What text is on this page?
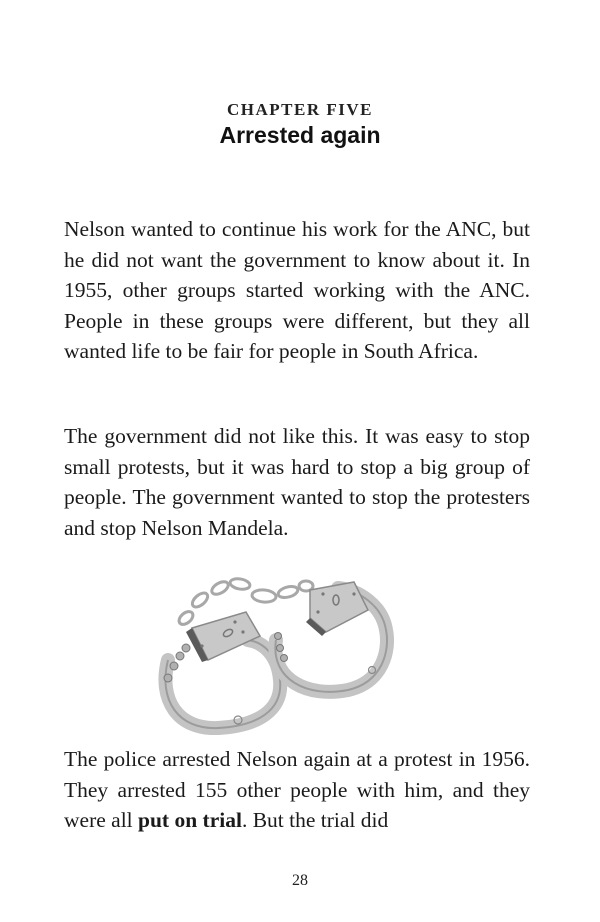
CHAPTER FIVE
Arrested again

Nelson wanted to continue his work for the ANC, but he did not want the government to know about it. In 1955, other groups started working with the ANC. People in these groups were different, but they all wanted life to be fair for people in South Africa.

The government did not like this. It was easy to stop small protests, but it was hard to stop a big group of people. The government wanted to stop the protesters and stop Nelson Mandela.

The police arrested Nelson again at a protest in 1956. They arrested 155 other people with him, and they were all put on trial. But the trial did

28
